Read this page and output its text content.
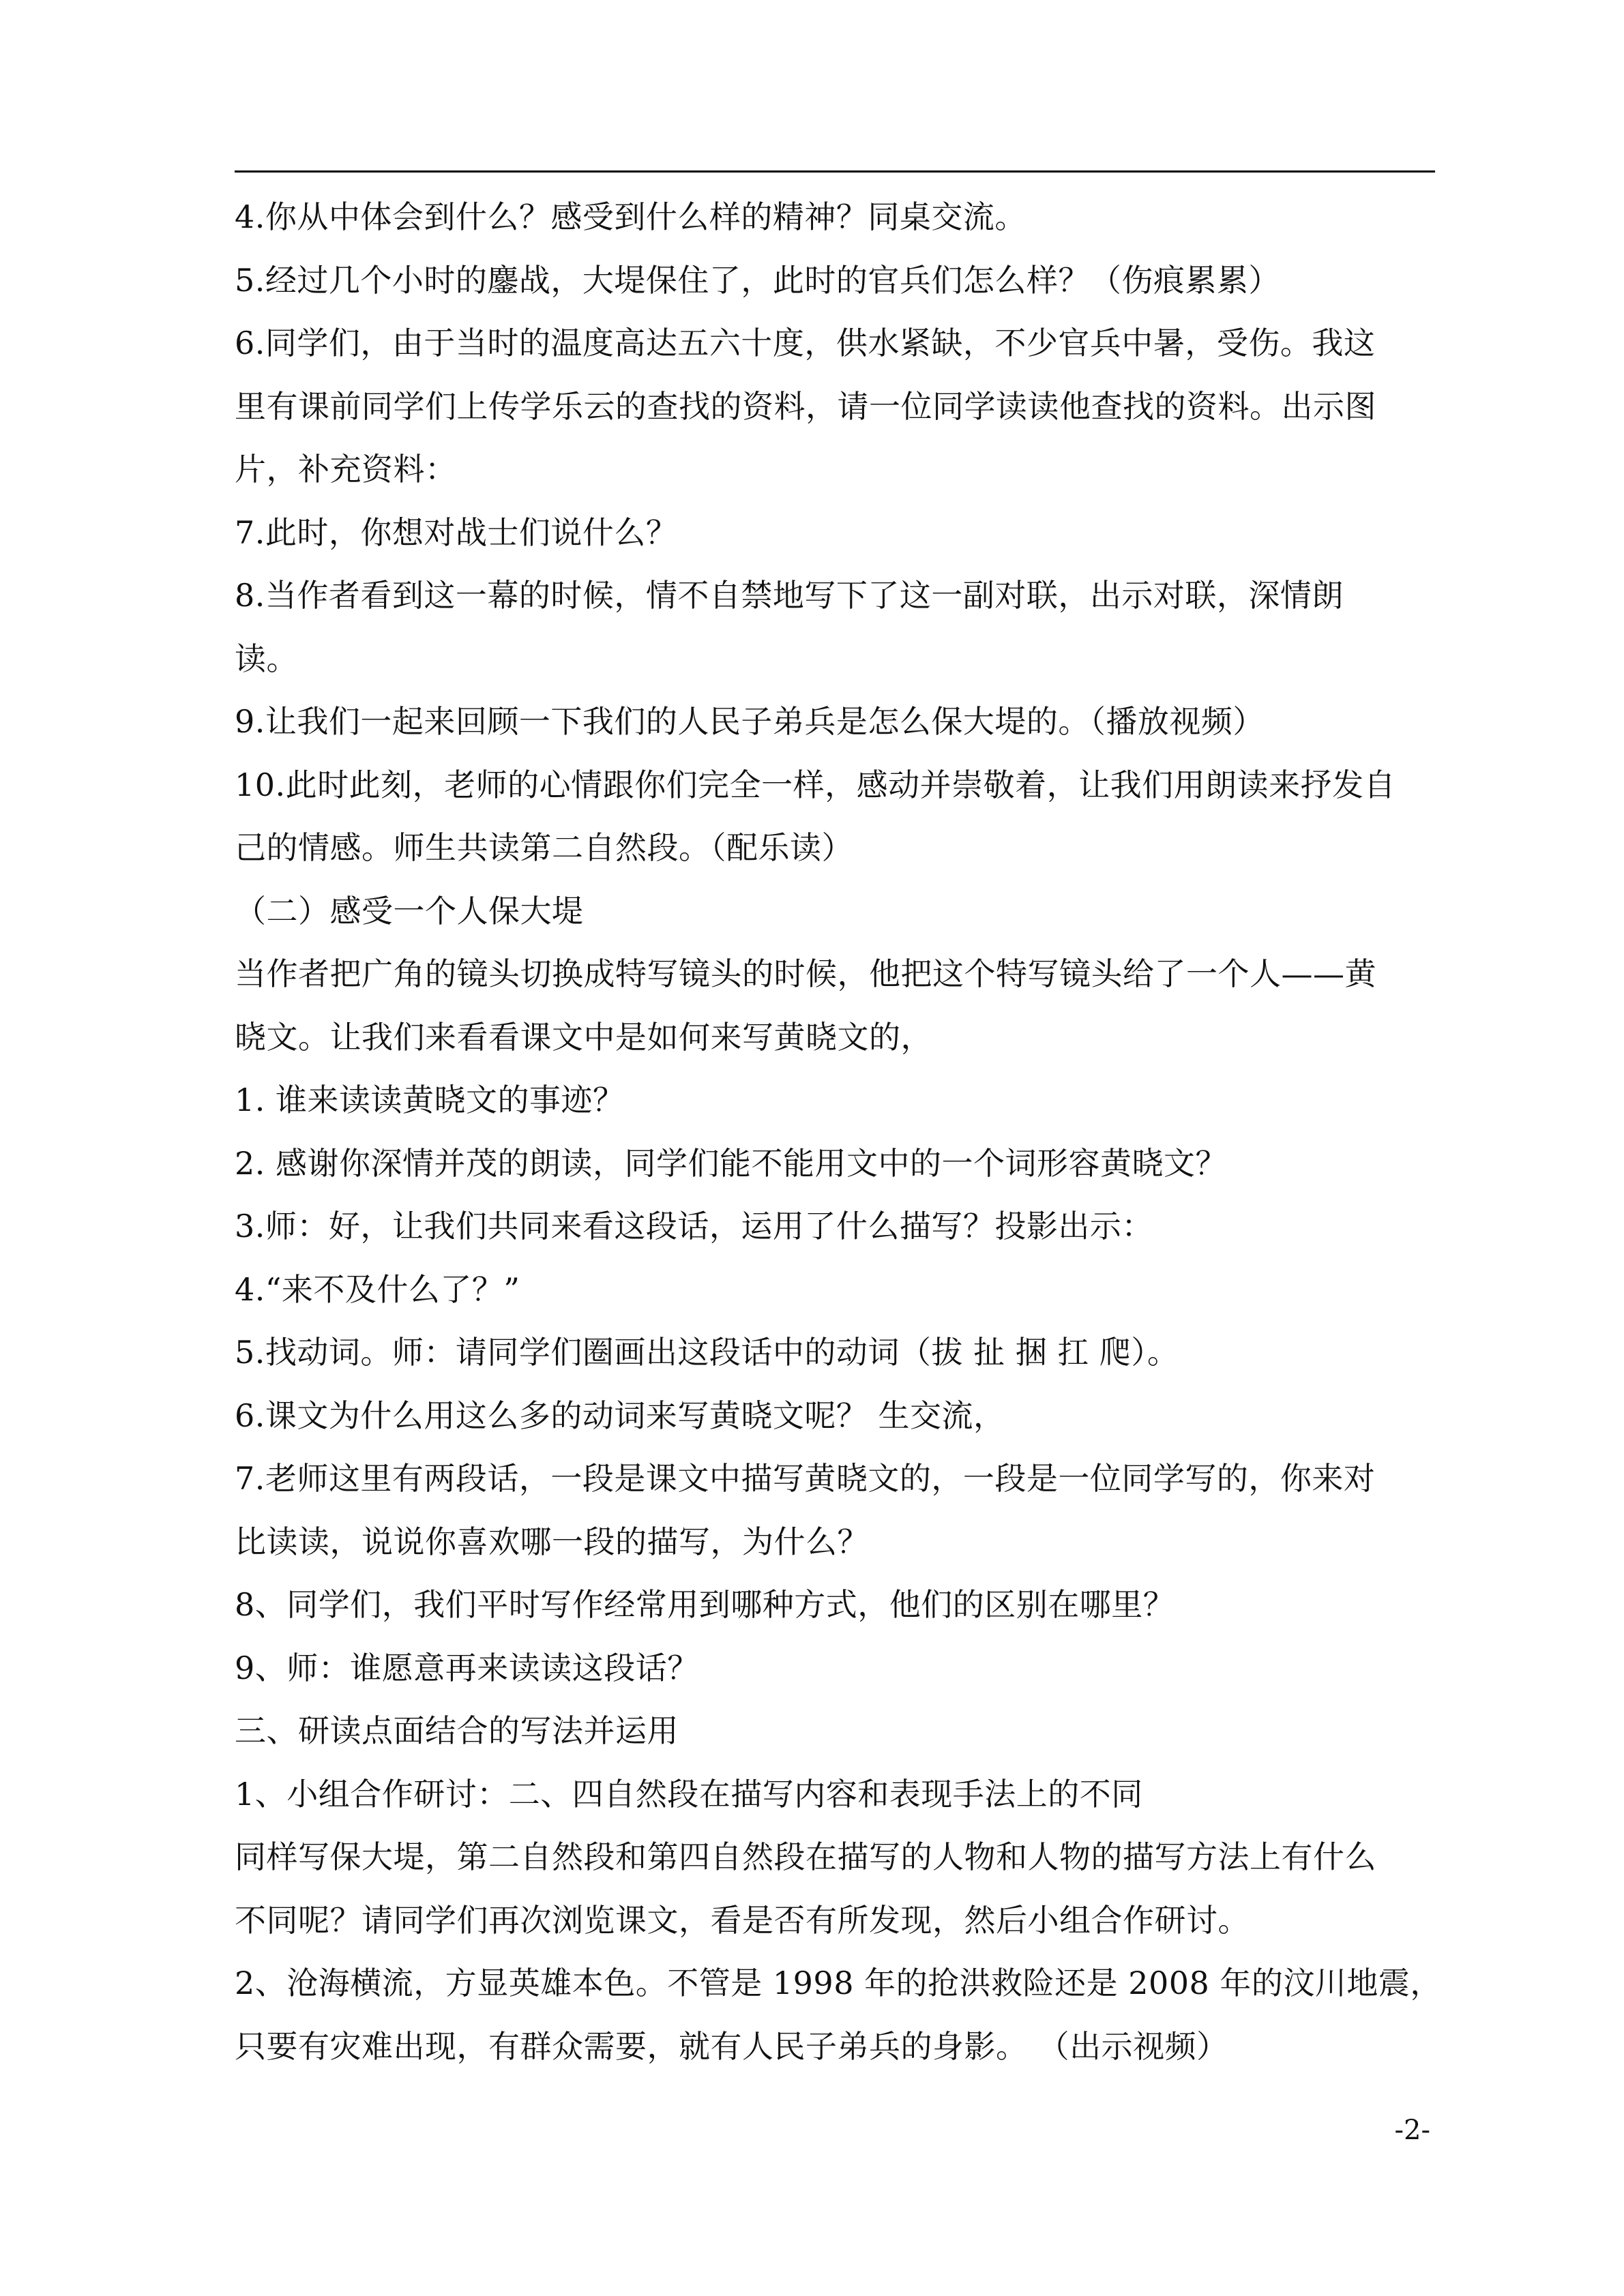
4.你从中体会到什么？感受到什么样的精神？同桌交流。
5.经过几个小时的鏖战，大堤保住了，此时的官兵们怎么样？（伤痕累累）
6.同学们，由于当时的温度高达五六十度，供水紧缺，不少官兵中暑，受伤。我这
里有课前同学们上传学乐云的查找的资料，请一位同学读读他查找的资料。出示图
片，补充资料：
7.此时，你想对战士们说什么？
8.当作者看到这一幕的时候，情不自禁地写下了这一副对联，出示对联，深情朗
读。
9.让我们一起来回顾一下我们的人民子弟兵是怎么保大堤的。（播放视频）
10.此时此刻，老师的心情跟你们完全一样，感动并崇敬着，让我们用朗读来抒发自
己的情感。师生共读第二自然段。（配乐读）
（二）感受一个人保大堤
当作者把广角的镜头切换成特写镜头的时候，他把这个特写镜头给了一个人——黄
晓文。让我们来看看课文中是如何来写黄晓文的，
1. 谁来读读黄晓文的事迹？
2. 感谢你深情并茂的朗读，同学们能不能用文中的一个词形容黄晓文？
3.师：好，让我们共同来看这段话，运用了什么描写？投影出示：
4.“来不及什么了？”
5.找动词。师：请同学们圈画出这段话中的动词（拔 扯 捆 扛 爬）。
6.课文为什么用这么多的动词来写黄晓文呢？ 生交流，
7.老师这里有两段话，一段是课文中描写黄晓文的，一段是一位同学写的，你来对
比读读，说说你喜欢哪一段的描写，为什么？
8、同学们，我们平时写作经常用到哪种方式，他们的区别在哪里？
9、师：谁愿意再来读读这段话？
三、研读点面结合的写法并运用
1、小组合作研讨：二、四自然段在描写内容和表现手法上的不同
同样写保大堤，第二自然段和第四自然段在描写的人物和人物的描写方法上有什么
不同呢？请同学们再次浏览课文，看是否有所发现，然后小组合作研讨。
2、沧海横流，方显英雄本色。不管是 1998 年的抢洪救险还是 2008 年的汶川地震，
只要有灾难出现，有群众需要，就有人民子弟兵的身影。 （出示视频）
-2-
